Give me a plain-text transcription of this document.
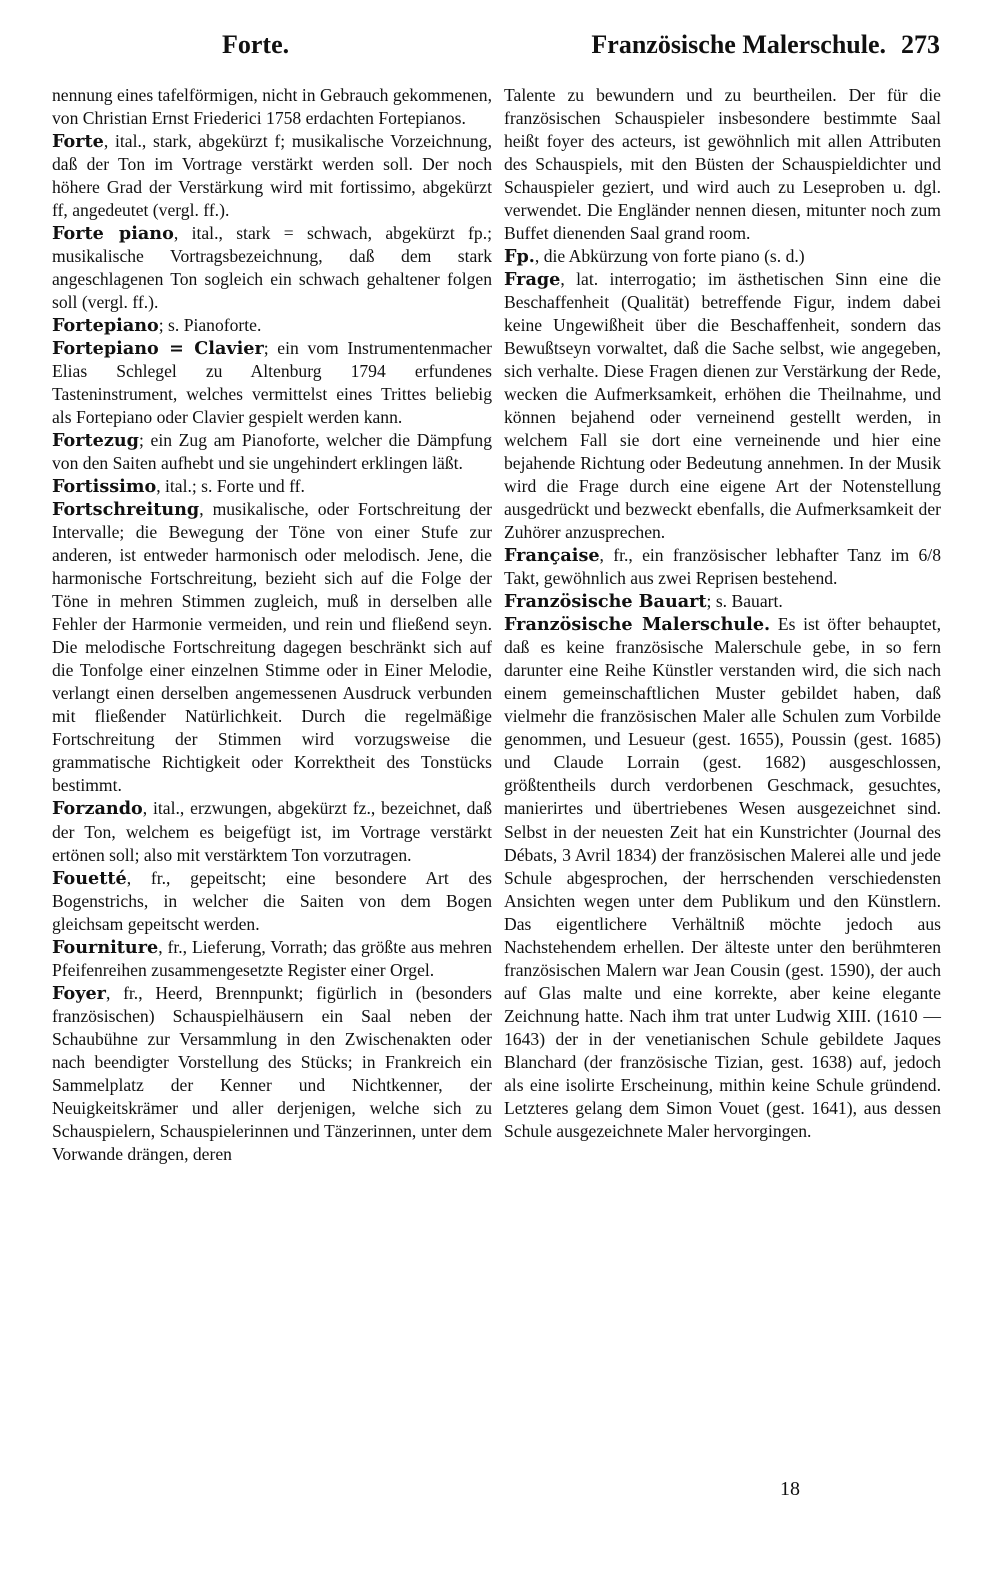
Forte.	Französische Malerschule. 273

nennung eines tafelförmigen, nicht in Gebrauch gekommenen, von Christian Ernst Friederici 1758 erdachten Fortepianos.

Forte, ital., stark, abgekürzt f; musikalische Vorzeichnung, daß der Ton im Vortrage verstärkt werden soll. Der noch höhere Grad der Verstärkung wird mit fortissimo, abgekürzt ff, angedeutet (vergl. ff.).

Forte piano, ital., stark = schwach, abgekürzt fp.; musikalische Vortragsbezeichnung, daß dem stark angeschlagenen Ton sogleich ein schwach gehaltener folgen soll (vergl. ff.).

Fortepiano; s. Pianoforte.

Fortepiano = Clavier; ein vom Instrumentenmacher Elias Schlegel zu Altenburg 1794 erfundenes Tasteninstrument, welches vermittelst eines Trittes beliebig als Fortepiano oder Clavier gespielt werden kann.

Fortezug; ein Zug am Pianoforte, welcher die Dämpfung von den Saiten aufhebt und sie ungehindert erklingen läßt.

Fortissimo, ital.; s. Forte und ff.

Fortschreitung, musikalische, oder Fortschreitung der Intervalle; die Bewegung der Töne von einer Stufe zur anderen, ist entweder harmonisch oder melodisch. Jene, die harmonische Fortschreitung, bezieht sich auf die Folge der Töne in mehren Stimmen zugleich, muß in derselben alle Fehler der Harmonie vermeiden, und rein und fließend seyn. Die melodische Fortschreitung dagegen beschränkt sich auf die Tonfolge einer einzelnen Stimme oder in Einer Melodie, verlangt einen derselben angemessenen Ausdruck verbunden mit fließender Natürlichkeit. Durch die regelmäßige Fortschreitung der Stimmen wird vorzugsweise die grammatische Richtigkeit oder Korrektheit des Tonstücks bestimmt.

Forzando, ital., erzwungen, abgekürzt fz., bezeichnet, daß der Ton, welchem es beigefügt ist, im Vortrage verstärkt ertönen soll; also mit verstärktem Ton vorzutragen.

Fouetté, fr., gepeitscht; eine besondere Art des Bogenstrichs, in welcher die Saiten von dem Bogen gleichsam gepeitscht werden.

Fourniture, fr., Lieferung, Vorrath; das größte aus mehren Pfeifenreihen zusammengesetzte Register einer Orgel.

Foyer, fr., Heerd, Brennpunkt; figürlich in (besonders französischen) Schauspielhäusern ein Saal neben der Schaubühne zur Versammlung in den Zwischenakten oder nach beendigter Vorstellung des Stücks; in Frankreich ein Sammelplatz der Kenner und Nichtkenner, der Neuigkeitskrämer und aller derjenigen, welche sich zu Schauspielern, Schauspielerinnen und Tänzerinnen, unter dem Vorwande drängen, deren

Talente zu bewundern und zu beurtheilen. Der für die französischen Schauspieler insbesondere bestimmte Saal heißt foyer des acteurs, ist gewöhnlich mit allen Attributen des Schauspiels, mit den Büsten der Schauspieldichter und Schauspieler geziert, und wird auch zu Leseproben u. dgl. verwendet. Die Engländer nennen diesen, mitunter noch zum Buffet dienenden Saal grand room.

Fp., die Abkürzung von forte piano (s. d.)

Frage, lat. interrogatio; im ästhetischen Sinn eine die Beschaffenheit (Qualität) betreffende Figur, indem dabei keine Ungewißheit über die Beschaffenheit, sondern das Bewußtseyn vorwaltet, daß die Sache selbst, wie angegeben, sich verhalte. Diese Fragen dienen zur Verstärkung der Rede, wecken die Aufmerksamkeit, erhöhen die Theilnahme, und können bejahend oder verneinend gestellt werden, in welchem Fall sie dort eine verneinende und hier eine bejahende Richtung oder Bedeutung annehmen. In der Musik wird die Frage durch eine eigene Art der Notenstellung ausgedrückt und bezweckt ebenfalls, die Aufmerksamkeit der Zuhörer anzusprechen.

Française, fr., ein französischer lebhafter Tanz im 6/8 Takt, gewöhnlich aus zwei Reprisen bestehend.

Französische Bauart; s. Bauart.

Französische Malerschule. Es ist öfter behauptet, daß es keine französische Malerschule gebe, in so fern darunter eine Reihe Künstler verstanden wird, die sich nach einem gemeinschaftlichen Muster gebildet haben, daß vielmehr die französischen Maler alle Schulen zum Vorbilde genommen, und Lesueur (gest. 1655), Poussin (gest. 1685) und Claude Lorrain (gest. 1682) ausgeschlossen, größtentheils durch verdorbenen Geschmack, gesuchtes, manierirtes und übertriebenes Wesen ausgezeichnet sind. Selbst in der neuesten Zeit hat ein Kunstrichter (Journal des Débats, 3 Avril 1834) der französischen Malerei alle und jede Schule abgesprochen, der herrschenden verschiedensten Ansichten wegen unter dem Publikum und den Künstlern. Das eigentlichere Verhältniß möchte jedoch aus Nachstehendem erhellen. Der älteste unter den berühmteren französischen Malern war Jean Cousin (gest. 1590), der auch auf Glas malte und eine korrekte, aber keine elegante Zeichnung hatte. Nach ihm trat unter Ludwig XIII. (1610 — 1643) der in der venetianischen Schule gebildete Jaques Blanchard (der französische Tizian, gest. 1638) auf, jedoch als eine isolirte Erscheinung, mithin keine Schule gründend. Letzteres gelang dem Simon Vouet (gest. 1641), aus dessen Schule ausgezeichnete Maler hervorgingen.

18
